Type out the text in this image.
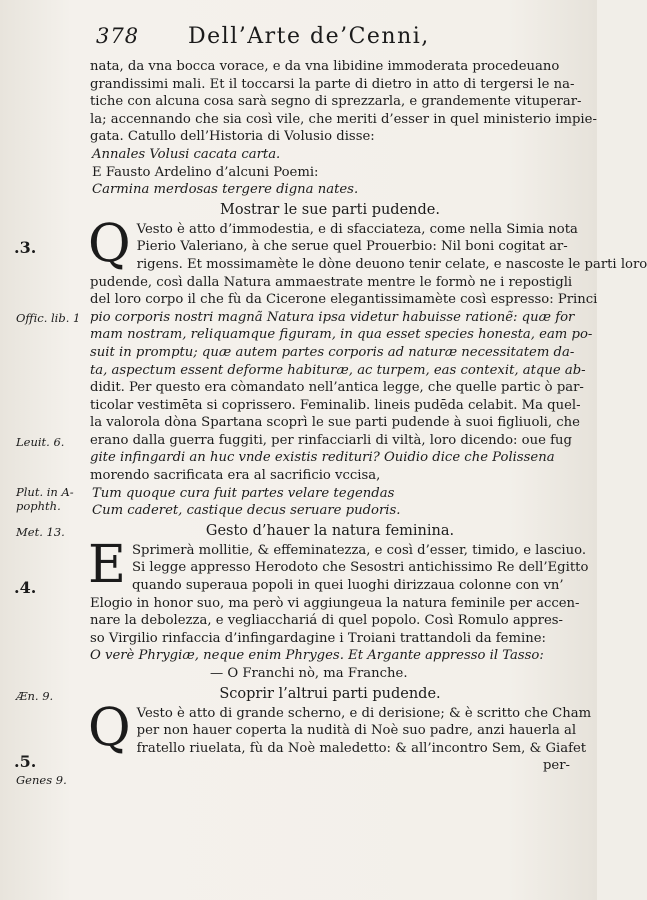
378 Dell’Arte de’Cenni,
.3.
Offic. lib. 1
Leuit. 6.
Plut. in A-
pophth.
Met. 13.
.4.
Æn. 9.
.5.
Genes 9.
nata, da vna bocca vorace, e da vna libidine immoderata procedeuano
grandissimi mali. Et il toccarsi la parte di dietro in atto di tergersi le na-
tiche con alcuna cosa sarà segno di sprezzarla, e grandemente vituperar-
la; accennando che sia così vile, che meriti d’esser in quel ministerio impie-
gata. Catullo dell’Historia di Volusio disse:
Annales Volusi cacata carta.
E Fausto Ardelino d’alcuni Poemi:
Carmina merdosas tergere digna nates.
Mostrar le sue parti pudende.
Q Vesto è atto d’immodestia, e di sfacciateza, come nella Simia nota
Pierio Valeriano, à che serue quel Prouerbio: Nil boni cogitat ar-
rigens. Et mossimamète le dòne deuono tenir celate, e nascoste le parti loro
pudende, così dalla Natura ammaestrate mentre le formò ne i repostigli
del loro corpo il che fù da Cicerone elegantissimamète così espresso: Princi
pio corporis nostri magnã Natura ipsa videtur habuisse rationẽ: quæ for
mam nostram, reliquamque figuram, in qua esset species honesta, eam po-
suit in promptu; quæ autem partes corporis ad naturæ necessitatem da-
ta, aspectum essent deforme habituræ, ac turpem, eas contexit, atque ab-
didit. Per questo era còmandato nell’antica legge, che quelle partic ò par-
ticolar vestimēta si coprissero. Feminalib. lineis pudēda celabit. Ma quel-
la valorola dòna Spartana scoprì le sue parti pudende à suoi figliuoli, che
erano dalla guerra fuggiti, per rinfacciarli di viltà, loro dicendo: oue fug
gite infingardi an huc vnde existis redituri? Ouidio dice che Polissena
morendo sacrificata era al sacrificio vccisa,
Tum quoque cura fuit partes velare tegendas
Cum caderet, castique decus seruare pudoris.
Gesto d’hauer la natura feminina.
E Sprimerà mollitie, & effeminatezza, e così d’esser, timido, e lasciuo.
Si legge appresso Herodoto che Sesostri antichissimo Re dell’Egitto
quando superaua popoli in quei luoghi dirizzaua colonne con vn’
Elogio in honor suo, ma però vi aggiungeua la natura feminile per accen-
nare la debolezza, e vegliacchariá di quel popolo. Così Romulo appres-
so Virgilio rinfaccia d’infingardagine i Troiani trattandoli da femine:
O verè Phrygiæ, neque enim Phryges. Et Argante appresso il Tasso:
— O Franchi nò, ma Franche.
Scoprir l’altrui parti pudende.
Q Vesto è atto di grande scherno, e di derisione; & è scritto che Cham
per non hauer coperta la nudità di Noè suo padre, anzi hauerla al
fratello riuelata, fù da Noè maledetto: & all’incontro Sem, & Giafet
per-
